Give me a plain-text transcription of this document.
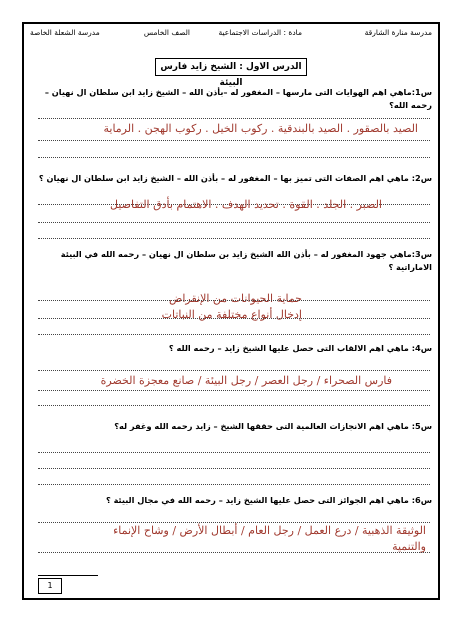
مدرسة منارة الشارقة
مادة : الدراسات الاجتماعية
الصف الخامس
مدرسة الشعلة الخاصة
الدرس الاول : الشيخ زايد فارس البيئة
س1:ماهي اهم الهوايات التى مارسها – المغفور له –بأذن الله – الشيخ زايد ابن سلطان ال نهيان – رحمه الله؟
الصيد بالصقور . الصيد بالبندقية . ركوب الخيل . ركوب الهجن . الرماية
س2: ماهي اهم الصفات التى تميز بها – المغفور له – بأذن الله – الشيخ زايد ابن سلطان ال نهيان ؟
الصبر . الجلد . القوة . تحديد الهدف . الاهتمام بأدق التفاصيل
س3:ماهي جهود المغفور له – بأذن الله الشيخ زايد بن سلطان ال نهيان – رحمه الله في البيئة الاماراتية ؟
حماية الحيوانات من الإنقراض
إدخال أنواع مختلفة من النباتات
س4: ماهي اهم الالقاب التى حصل عليها الشيخ زايد – رحمه الله ؟
فارس الصحراء / رجل العصر / رجل البيئة / صانع معجزة الخضرة
س5: ماهي اهم الانجازات العالمية التى حققها الشيخ – زايد رحمه الله وغفر له؟
س6: ماهي اهم الجوائز التى حصل عليها الشيخ زايد – رحمه الله في مجال البيئة ؟
الوثيقة الذهبية / درع العمل / رجل العام / أبطال الأرض / وشاح الإنماء
والتنمية
1
